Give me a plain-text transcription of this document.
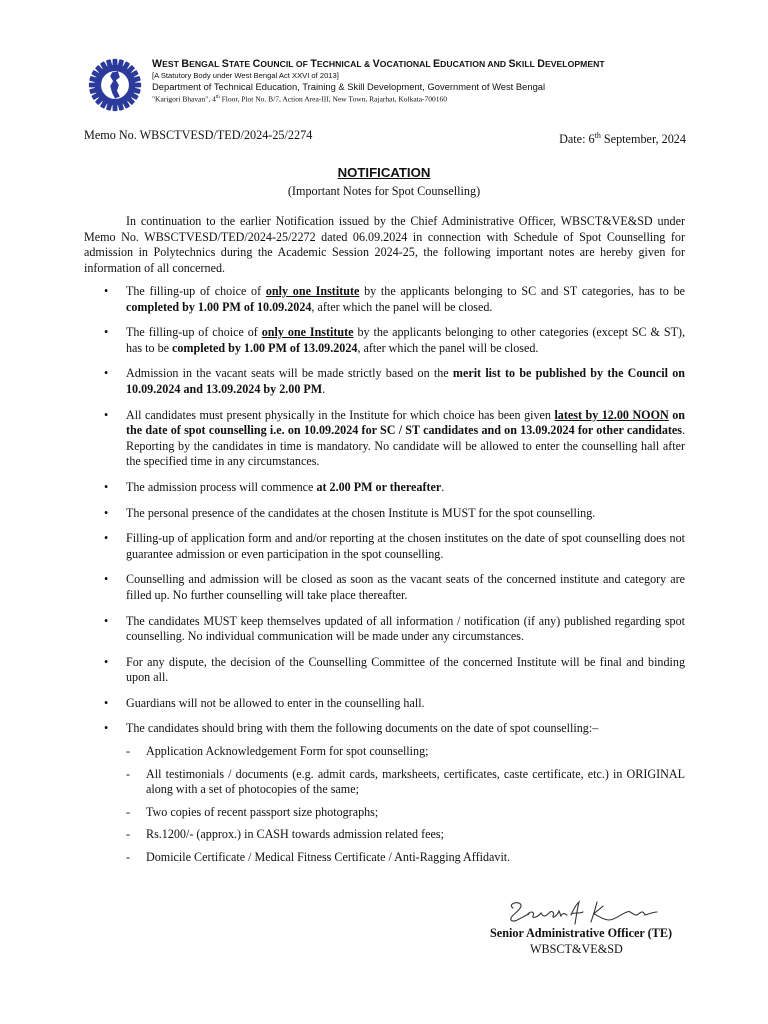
WEST BENGAL STATE COUNCIL OF TECHNICAL & VOCATIONAL EDUCATION AND SKILL DEVELOPMENT
[A Statutory Body under West Bengal Act XXVI of 2013]
Department of Technical Education, Training & Skill Development, Government of West Bengal
"Karigori Bhavan", 4th Floor, Plot No. B/7, Action Area-III, New Town, Rajarhat, Kolkata-700160
Memo No. WBSCTVESD/TED/2024-25/2274	Date: 6th September, 2024
NOTIFICATION
(Important Notes for Spot Counselling)

In continuation to the earlier Notification issued by the Chief Administrative Officer, WBSCT&VE&SD under Memo No. WBSCTVESD/TED/2024-25/2272 dated 06.09.2024 in connection with Schedule of Spot Counselling for admission in Polytechnics during the Academic Session 2024-25, the following important notes are hereby given for information of all concerned.

• The filling-up of choice of only one Institute by the applicants belonging to SC and ST categories, has to be completed by 1.00 PM of 10.09.2024, after which the panel will be closed.
• The filling-up of choice of only one Institute by the applicants belonging to other categories (except SC & ST), has to be completed by 1.00 PM of 13.09.2024, after which the panel will be closed.
• Admission in the vacant seats will be made strictly based on the merit list to be published by the Council on 10.09.2024 and 13.09.2024 by 2.00 PM.
• All candidates must present physically in the Institute for which choice has been given latest by 12.00 NOON on the date of spot counselling i.e. on 10.09.2024 for SC / ST candidates and on 13.09.2024 for other candidates. Reporting by the candidates in time is mandatory. No candidate will be allowed to enter the counselling hall after the specified time in any circumstances.
• The admission process will commence at 2.00 PM or thereafter.
• The personal presence of the candidates at the chosen Institute is MUST for the spot counselling.
• Filling-up of application form and and/or reporting at the chosen institutes on the date of spot counselling does not guarantee admission or even participation in the spot counselling.
• Counselling and admission will be closed as soon as the vacant seats of the concerned institute and category are filled up. No further counselling will take place thereafter.
• The candidates MUST keep themselves updated of all information / notification (if any) published regarding spot counselling. No individual communication will be made under any circumstances.
• For any dispute, the decision of the Counselling Committee of the concerned Institute will be final and binding upon all.
• Guardians will not be allowed to enter in the counselling hall.
• The candidates should bring with them the following documents on the date of spot counselling:–
- Application Acknowledgement Form for spot counselling;
- All testimonials / documents (e.g. admit cards, marksheets, certificates, caste certificate, etc.) in ORIGINAL along with a set of photocopies of the same;
- Two copies of recent passport size photographs;
- Rs.1200/- (approx.) in CASH towards admission related fees;
- Domicile Certificate / Medical Fitness Certificate / Anti-Ragging Affidavit.
Senior Administrative Officer (TE)
WBSCT&VE&SD
